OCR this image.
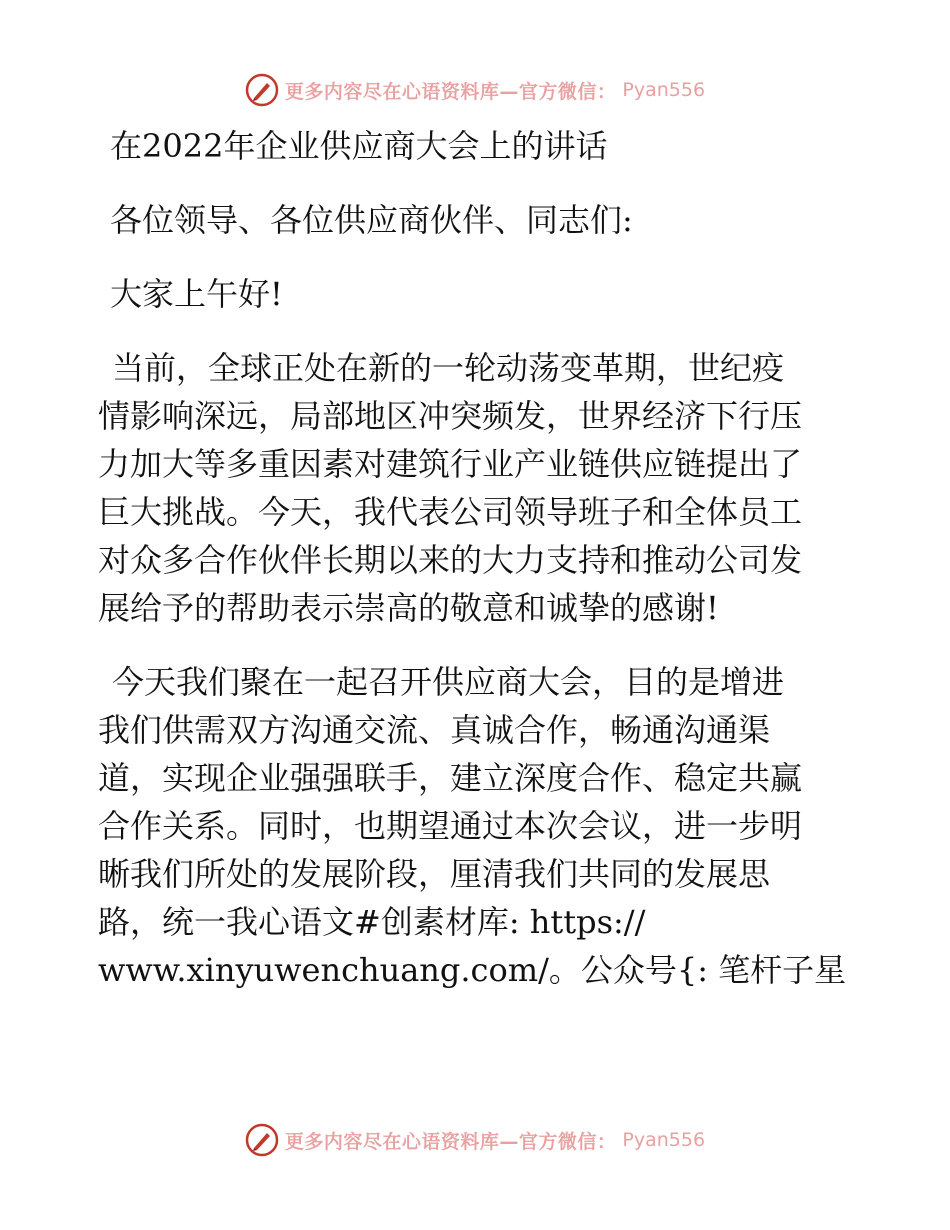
更多内容尽在心语资料库—官方微信： Pyan556
在2022年企业供应商大会上的讲话
各位领导、各位供应商伙伴、同志们:
大家上午好!
当前，全球正处在新的一轮动荡变革期，世纪疫
情影响深远，局部地区冲突频发，世界经济下行压
力加大等多重因素对建筑行业产业链供应链提出了
巨大挑战。今天，我代表公司领导班子和全体员工
对众多合作伙伴长期以来的大力支持和推动公司发
展给予的帮助表示崇高的敬意和诚挚的感谢!
今天我们聚在一起召开供应商大会，目的是增进
我们供需双方沟通交流、真诚合作，畅通沟通渠
道，实现企业强强联手，建立深度合作、稳定共赢
合作关系。同时，也期望通过本次会议，进一步明
晰我们所处的发展阶段，厘清我们共同的发展思
路，统一我心语文#创素材库: https://
www.xinyuwenchuang.com/。公众号{: 笔杆子星
更多内容尽在心语资料库—官方微信： Pyan556
